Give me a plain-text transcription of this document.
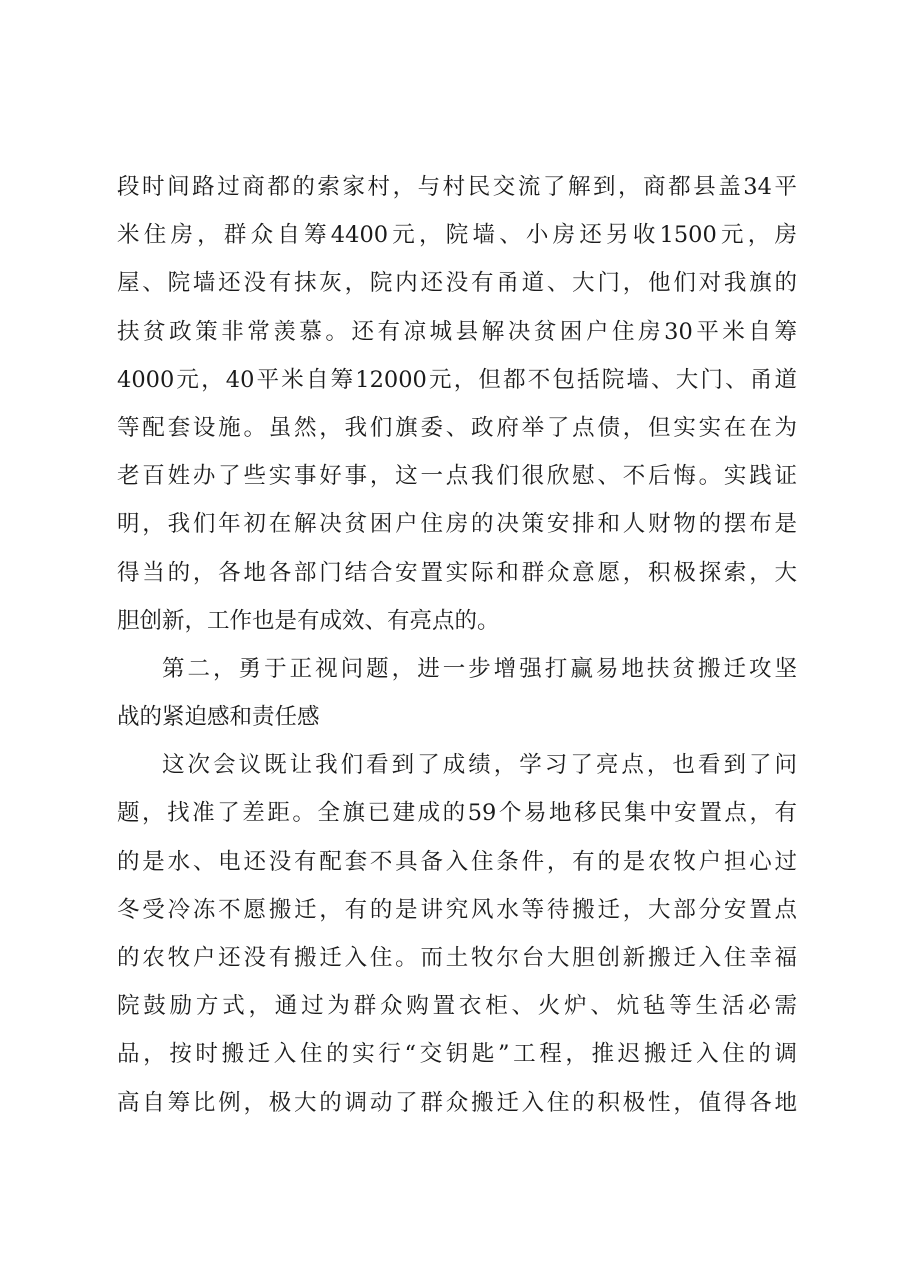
段时间路过商都的索家村，与村民交流了解到，商都县盖34平
米住房，群众自筹4400元，院墙、小房还另收1500元，房
屋、院墙还没有抹灰，院内还没有甬道、大门，他们对我旗的
扶贫政策非常羡慕。还有凉城县解决贫困户住房30平米自筹
4000元，40平米自筹12000元，但都不包括院墙、大门、甬道
等配套设施。虽然，我们旗委、政府举了点债，但实实在在为
老百姓办了些实事好事，这一点我们很欣慰、不后悔。实践证
明，我们年初在解决贫困户住房的决策安排和人财物的摆布是
得当的，各地各部门结合安置实际和群众意愿，积极探索，大
胆创新，工作也是有成效、有亮点的。
第二，勇于正视问题，进一步增强打赢易地扶贫搬迁攻坚
战的紧迫感和责任感
这次会议既让我们看到了成绩，学习了亮点，也看到了问
题，找准了差距。全旗已建成的59个易地移民集中安置点，有
的是水、电还没有配套不具备入住条件，有的是农牧户担心过
冬受冷冻不愿搬迁，有的是讲究风水等待搬迁，大部分安置点
的农牧户还没有搬迁入住。而土牧尔台大胆创新搬迁入住幸福
院鼓励方式，通过为群众购置衣柜、火炉、炕毡等生活必需
品，按时搬迁入住的实行“交钥匙”工程，推迟搬迁入住的调
高自筹比例，极大的调动了群众搬迁入住的积极性，值得各地
